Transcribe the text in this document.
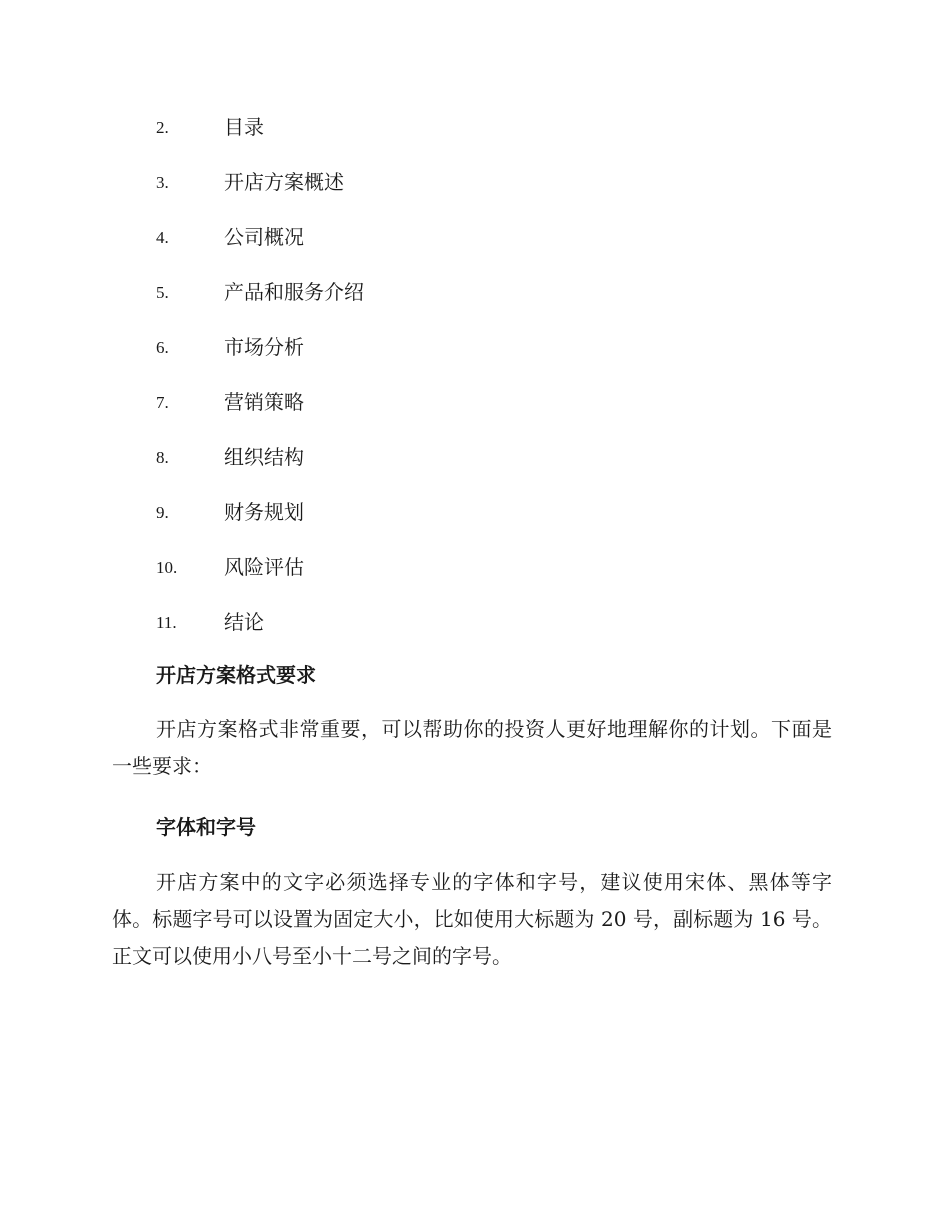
2.	目录
3.	开店方案概述
4.	公司概况
5.	产品和服务介绍
6.	市场分析
7.	营销策略
8.	组织结构
9.	财务规划
10. 风险评估
11. 结论
开店方案格式要求

开店方案格式非常重要，可以帮助你的投资人更好地理解你的计划。下面是一些要求：

字体和字号

开店方案中的文字必须选择专业的字体和字号，建议使用宋体、黑体等字体。标题字号可以设置为固定大小，比如使用大标题为 20 号，副标题为 16 号。正文可以使用小八号至小十二号之间的字号。
